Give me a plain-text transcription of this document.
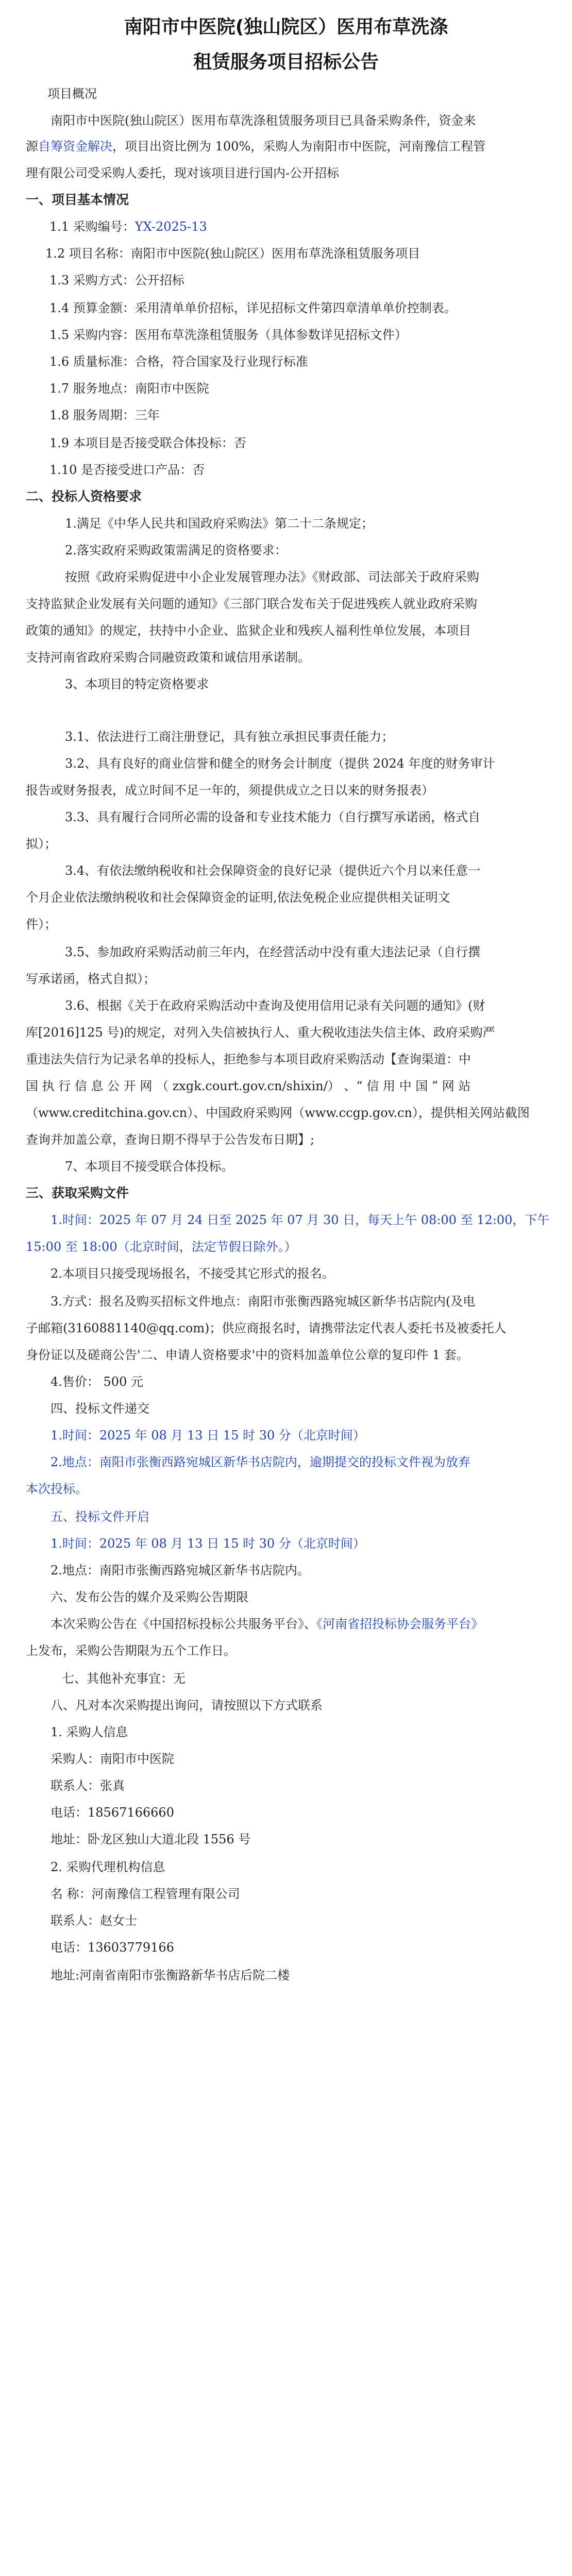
南阳市中医院(独山院区）医用布草洗涤
租赁服务项目招标公告
项目概况
南阳市中医院(独山院区）医用布草洗涤租赁服务项目已具备采购条件，资金来
源自筹资金解决，项目出资比例为 100%，采购人为南阳市中医院，河南豫信工程管
理有限公司受采购人委托，现对该项目进行国内-公开招标
一、项目基本情况
1.1 采购编号：YX-2025-13
1.2 项目名称：南阳市中医院(独山院区）医用布草洗涤租赁服务项目
1.3 采购方式：公开招标
1.4 预算金额：采用清单单价招标，详见招标文件第四章清单单价控制表。
1.5 采购内容：医用布草洗涤租赁服务（具体参数详见招标文件）
1.6 质量标准：合格，符合国家及行业现行标准
1.7 服务地点：南阳市中医院
1.8 服务周期：三年
1.9 本项目是否接受联合体投标：否
1.10 是否接受进口产品：否
二、投标人资格要求
1.满足《中华人民共和国政府采购法》第二十二条规定；
2.落实政府采购政策需满足的资格要求：
按照《政府采购促进中小企业发展管理办法》《财政部、司法部关于政府采购
支持监狱企业发展有关问题的通知》《三部门联合发布关于促进残疾人就业政府采购
政策的通知》的规定，扶持中小企业、监狱企业和残疾人福利性单位发展，本项目
支持河南省政府采购合同融资政策和诚信用承诺制。
3、本项目的特定资格要求
3.1、依法进行工商注册登记，具有独立承担民事责任能力；
3.2、具有良好的商业信誉和健全的财务会计制度（提供 2024 年度的财务审计
报告或财务报表，成立时间不足一年的，须提供成立之日以来的财务报表）
3.3、具有履行合同所必需的设备和专业技术能力（自行撰写承诺函，格式自
拟）；
3.4、有依法缴纳税收和社会保障资金的良好记录（提供近六个月以来任意一
个月企业依法缴纳税收和社会保障资金的证明,依法免税企业应提供相关证明文
件）；
3.5、参加政府采购活动前三年内，在经营活动中没有重大违法记录（自行撰
写承诺函，格式自拟）；
3.6、根据《关于在政府采购活动中查询及使用信用记录有关问题的通知》(财
库[2016]125 号)的规定，对列入失信被执行人、重大税收违法失信主体、政府采购严
重违法失信行为记录名单的投标人，拒绝参与本项目政府采购活动【查询渠道：中
国 执 行 信 息 公 开 网 （ zxgk.court.gov.cn/shixin/） 、“ 信 用 中 国 ” 网 站
（www.creditchina.gov.cn）、中国政府采购网（www.ccgp.gov.cn），提供相关网站截图
查询并加盖公章，查询日期不得早于公告发布日期】;
7、本项目不接受联合体投标。
三、获取采购文件
1.时间：2025 年 07 月 24 日至 2025 年 07 月 30 日，每天上午 08:00 至 12:00，下午
15:00 至 18:00（北京时间，法定节假日除外。）
2.本项目只接受现场报名，不接受其它形式的报名。
3.方式：报名及购买招标文件地点：南阳市张衡西路宛城区新华书店院内(及电
子邮箱(3160881140@qq.com)；供应商报名时，请携带法定代表人委托书及被委托人
身份证以及磋商公告'二、申请人资格要求'中的资料加盖单位公章的复印件 1 套。
4.售价： 500 元
四、投标文件递交
1.时间：2025 年 08 月 13 日 15 时 30 分（北京时间）
2.地点：南阳市张衡西路宛城区新华书店院内，逾期提交的投标文件视为放弃
本次投标。
五、投标文件开启
1.时间：2025 年 08 月 13 日 15 时 30 分（北京时间）
2.地点：南阳市张衡西路宛城区新华书店院内。
六、发布公告的媒介及采购公告期限
本次采购公告在《中国招标投标公共服务平台》、《河南省招投标协会服务平台》
上发布，采购公告期限为五个工作日。
七、其他补充事宜：无
八、凡对本次采购提出询问，请按照以下方式联系
1. 采购人信息
采购人：南阳市中医院
联系人：张真
电话：18567166660
地址：卧龙区独山大道北段 1556 号
2. 采购代理机构信息
名 称：河南豫信工程管理有限公司
联系人：赵女士
电话：13603779166
地址:河南省南阳市张衡路新华书店后院二楼
